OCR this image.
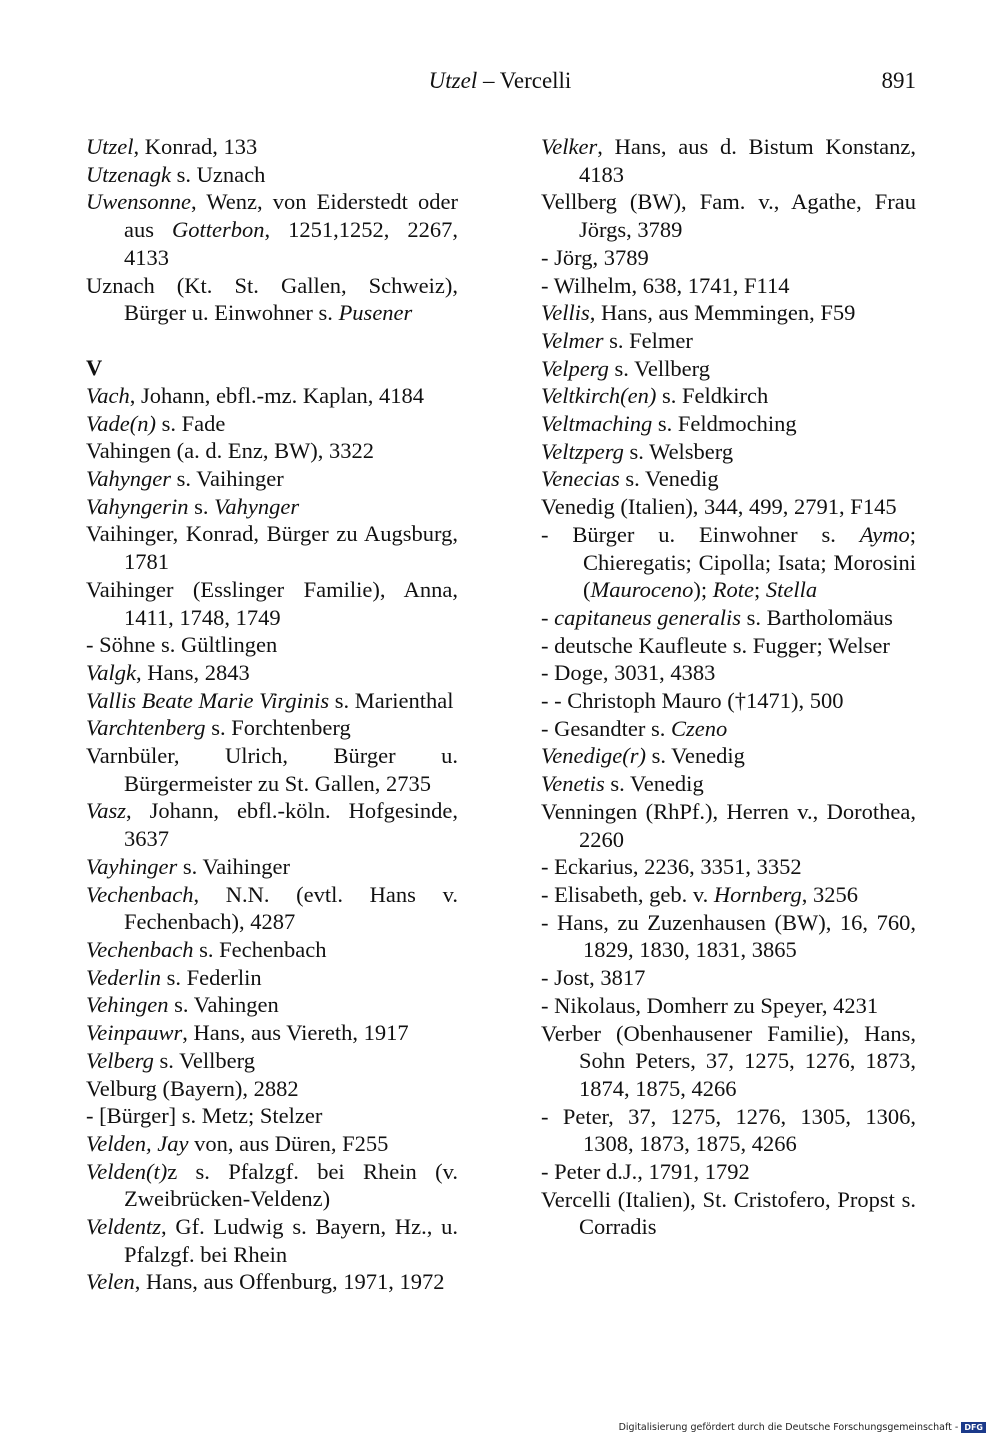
Utzel – Vercelli	891
Utzel, Konrad, 133
Utzenagk s. Uznach
Uwensonne, Wenz, von Eiderstedt oder aus Gotterbon, 1251,1252, 2267, 4133
Uznach (Kt. St. Gallen, Schweiz), Bürger u. Einwohner s. Pusener
V
Vach, Johann, ebfl.-mz. Kaplan, 4184
Vade(n) s. Fade
Vahingen (a. d. Enz, BW), 3322
Vahynger s. Vaihinger
Vahyngerin s. Vahynger
Vaihinger, Konrad, Bürger zu Augsburg, 1781
Vaihinger (Esslinger Familie), Anna, 1411, 1748, 1749
- Söhne s. Gültlingen
Valgk, Hans, 2843
Vallis Beate Marie Virginis s. Marienthal
Varchtenberg s. Forchtenberg
Varnbüler, Ulrich, Bürger u. Bürgermeister zu St. Gallen, 2735
Vasz, Johann, ebfl.-köln. Hofgesinde, 3637
Vayhinger s. Vaihinger
Vechenbach, N.N. (evtl. Hans v. Fechenbach), 4287
Vechenbach s. Fechenbach
Vederlin s. Federlin
Vehingen s. Vahingen
Veinpauwr, Hans, aus Viereth, 1917
Velberg s. Vellberg
Velburg (Bayern), 2882
- [Bürger] s. Metz; Stelzer
Velden, Jay von, aus Düren, F255
Velden(t)z s. Pfalzgf. bei Rhein (v. Zweibrücken-Veldenz)
Veldentz, Gf. Ludwig s. Bayern, Hz., u. Pfalzgf. bei Rhein
Velen, Hans, aus Offenburg, 1971, 1972
Velker, Hans, aus d. Bistum Konstanz, 4183
Vellberg (BW), Fam. v., Agathe, Frau Jörgs, 3789
- Jörg, 3789
- Wilhelm, 638, 1741, F114
Vellis, Hans, aus Memmingen, F59
Velmer s. Felmer
Velperg s. Vellberg
Veltkirch(en) s. Feldkirch
Veltmaching s. Feldmoching
Veltzperg s. Welsberg
Venecias s. Venedig
Venedig (Italien), 344, 499, 2791, F145
- Bürger u. Einwohner s. Aymo; Chieregatis; Cipolla; Isata; Morosini (Mauroceno); Rote; Stella
- capitaneus generalis s. Bartholomäus
- deutsche Kaufleute s. Fugger; Welser
- Doge, 3031, 4383
- - Christoph Mauro (†1471), 500
- Gesandter s. Czeno
Venedige(r) s. Venedig
Venetis s. Venedig
Venningen (RhPf.), Herren v., Dorothea, 2260
- Eckarius, 2236, 3351, 3352
- Elisabeth, geb. v. Hornberg, 3256
- Hans, zu Zuzenhausen (BW), 16, 760, 1829, 1830, 1831, 3865
- Jost, 3817
- Nikolaus, Domherr zu Speyer, 4231
Verber (Obenhausener Familie), Hans, Sohn Peters, 37, 1275, 1276, 1873, 1874, 1875, 4266
- Peter, 37, 1275, 1276, 1305, 1306, 1308, 1873, 1875, 4266
- Peter d.J., 1791, 1792
Vercelli (Italien), St. Cristofero, Propst s. Corradis
Digitalisierung gefördert durch die Deutsche Forschungsgemeinschaft - DFG
